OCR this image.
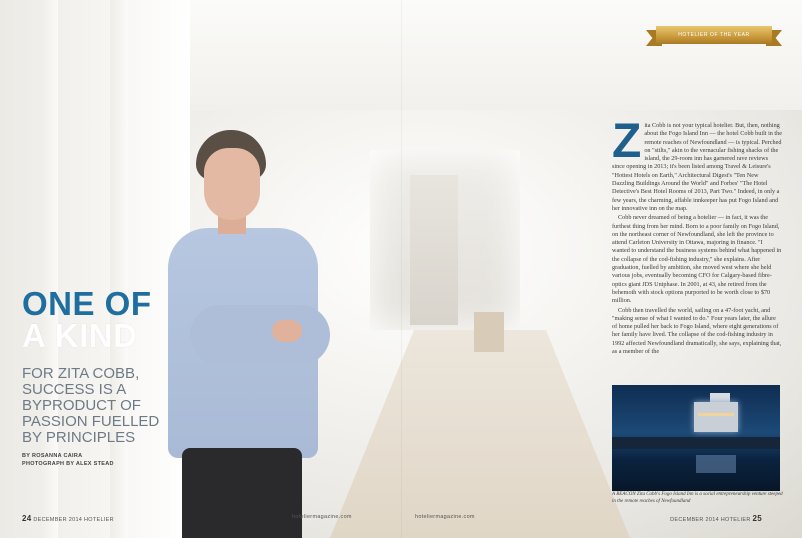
HOTELIER OF THE YEAR
ONE OF
A KIND
FOR ZITA COBB, SUCCESS IS A BYPRODUCT OF PASSION FUELLED BY PRINCIPLES
BY ROSANNA CAIRA
PHOTOGRAPH BY ALEX STEAD
Z ita Cobb is not your typical hotelier. But, then, nothing about the Fogo Island Inn — the hotel Cobb built in the remote reaches of Newfoundland — is typical. Perched on "stilts," akin to the vernacular fishing shacks of the island, the 29-room inn has garnered rave reviews since opening in 2013; it's been listed among Travel & Leisure's "Hottest Hotels on Earth," Architectural Digest's "Ten New Dazzling Buildings Around the World" and Forbes' "The Hotel Detective's Best Hotel Rooms of 2013, Part Two." Indeed, in only a few years, the charming, affable innkeeper has put Fogo Island and her innovative inn on the map.

Cobb never dreamed of being a hotelier — in fact, it was the furthest thing from her mind. Born to a poor family on Fogo Island, on the northeast corner of Newfoundland, she left the province to attend Carleton University in Ottawa, majoring in finance. "I wanted to understand the business systems behind what happened in the collapse of the cod-fishing industry," she explains. After graduation, fuelled by ambition, she moved west where she held various jobs, eventually becoming CFO for Calgary-based fibre-optics giant JDS Uniphase. In 2001, at 43, she retired from the behemoth with stock options purported to be worth close to $70 million.

Cobb then travelled the world, sailing on a 47-foot yacht, and "making sense of what I wanted to do." Four years later, the allure of home pulled her back to Fogo Island, where eight generations of her family have lived. The collapse of the cod-fishing industry in 1992 affected Newfoundland dramatically, she says, explaining that, as a member of the

A BEACON Zita Cobb's Fogo Island Inn is a social entrepreneurship venture steeped in the remote reaches of Newfoundland
24 DECEMBER 2014 HOTELIER	hoteliermagazine.com	hoteliermagazine.com	DECEMBER 2014 HOTELIER 25
